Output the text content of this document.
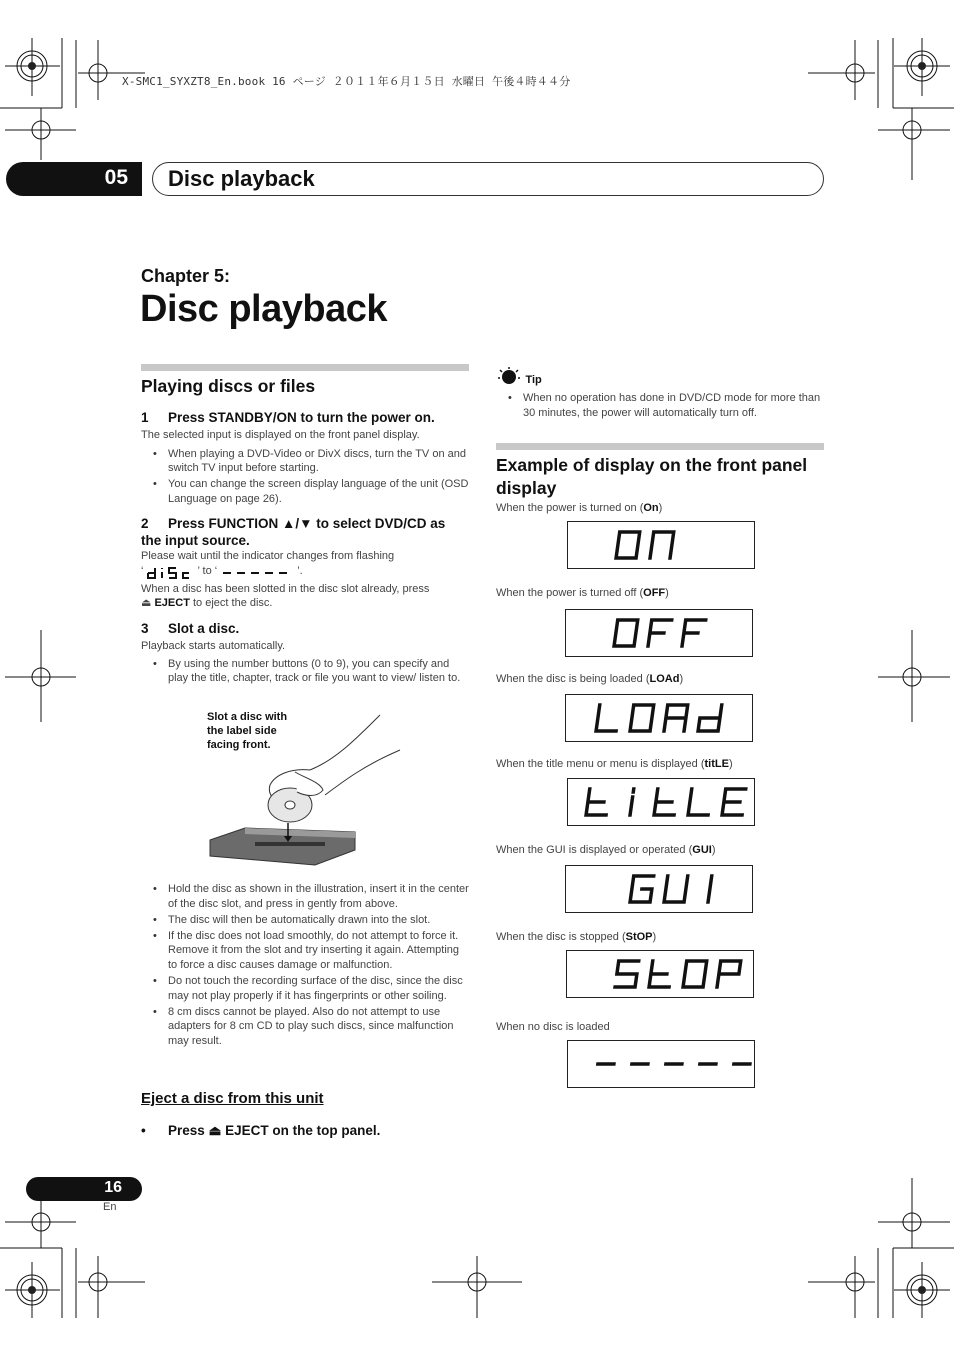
X-SMC1_SYXZT8_En.book 16 ページ ２０１１年６月１５日 水曜日 午後４時４４分
05 Disc playback
Chapter 5:
Disc playback
Playing discs or files
1 Press STANDBY/ON to turn the power on.
The selected input is displayed on the front panel display.
• When playing a DVD-Video or DivX discs, turn the TV on and switch TV input before starting.
• You can change the screen display language of the unit (OSD Language on page 26).
2 Press FUNCTION ▲/▼ to select DVD/CD as
the input source.
Please wait until the indicator changes from flashing
‘	’ to ‘	’.
When a disc has been slotted in the disc slot already, press
⏏ EJECT to eject the disc.
3 Slot a disc.
Playback starts automatically.
• By using the number buttons (0 to 9), you can specify and play the title, chapter, track or file you want to view/ listen to.
Slot a disc with
the label side
facing front.
• Hold the disc as shown in the illustration, insert it in the center of the disc slot, and press in gently from above.
• The disc will then be automatically drawn into the slot.
• If the disc does not load smoothly, do not attempt to force it. Remove it from the slot and try inserting it again. Attempting to force a disc causes damage or malfunction.
• Do not touch the recording surface of the disc, since the disc may not play properly if it has fingerprints or other soiling.
• 8 cm discs cannot be played. Also do not attempt to use adapters for 8 cm CD to play such discs, since malfunction may result.
Eject a disc from this unit
• Press ⏏ EJECT on the top panel.
Tip
• When no operation has done in DVD/CD mode for more than 30 minutes, the power will automatically turn off.
Example of display on the front panel
display
When the power is turned on (On)
When the power is turned off (OFF)
When the disc is being loaded (LOAd)
When the title menu or menu is displayed (titLE)
When the GUI is displayed or operated (GUI)
When the disc is stopped (StOP)
When no disc is loaded
16
En
